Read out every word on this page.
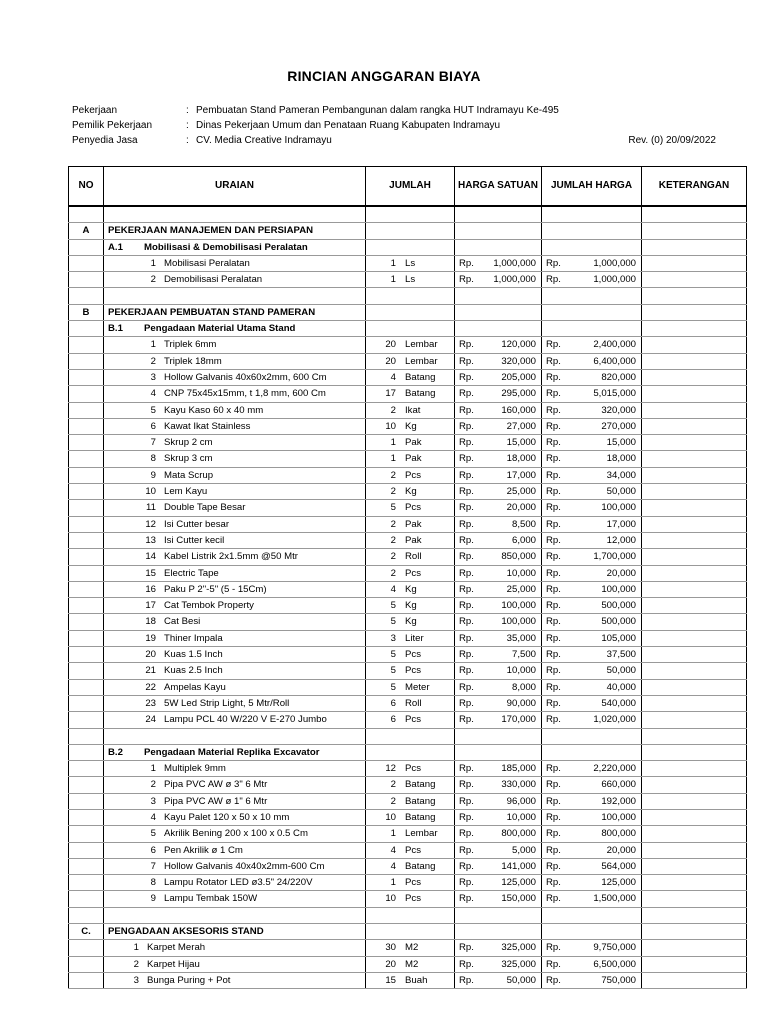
RINCIAN ANGGARAN BIAYA
Pekerjaan	: Pembuatan Stand Pameran Pembangunan dalam rangka HUT Indramayu Ke-495
Pemilik Pekerjaan	: Dinas Pekerjaan Umum dan Penataan Ruang Kabupaten Indramayu
Penyedia Jasa	: CV. Media Creative Indramayu	Rev. (0) 20/09/2022
NO	URAIAN	JUMLAH	HARGA SATUAN	JUMLAH HARGA	KETERANGAN

A	PEKERJAAN MANAJEMEN DAN PERSIAPAN				
	A.1 Mobilisasi & Demobilisasi Peralatan				
	1 Mobilisasi Peralatan	1 Ls	Rp. 1,000,000	Rp. 1,000,000	

	2 Demobilisasi Peralatan	1 Ls	Rp. 1,000,000	Rp. 1,000,000	

B	PEKERJAAN PEMBUATAN STAND PAMERAN				
	B.1 Pengadaan Material Utama Stand				
	1 Triplek 6mm	20 Lembar	Rp. 120,000	Rp. 2,400,000	

	2 Triplek 18mm	20 Lembar	Rp. 320,000	Rp. 6,400,000	

	3 Hollow Galvanis 40x60x2mm, 600 Cm	4 Batang	Rp. 205,000	Rp. 820,000	

	4 CNP 75x45x15mm, t 1,8 mm, 600 Cm	17 Batang	Rp. 295,000	Rp. 5,015,000	

	5 Kayu Kaso 60 x 40 mm	2 Ikat	Rp. 160,000	Rp. 320,000	

	6 Kawat Ikat Stainless	10 Kg	Rp. 27,000	Rp. 270,000	

	7 Skrup 2 cm	1 Pak	Rp. 15,000	Rp. 15,000	

	8 Skrup 3 cm	1 Pak	Rp. 18,000	Rp. 18,000	

	9 Mata Scrup	2 Pcs	Rp. 17,000	Rp. 34,000	

	10 Lem Kayu	2 Kg	Rp. 25,000	Rp. 50,000	

	11 Double Tape Besar	5 Pcs	Rp. 20,000	Rp. 100,000	

	12 Isi Cutter besar	2 Pak	Rp. 8,500	Rp. 17,000	

	13 Isi Cutter kecil	2 Pak	Rp. 6,000	Rp. 12,000	

	14 Kabel Listrik 2x1.5mm @50 Mtr	2 Roll	Rp. 850,000	Rp. 1,700,000	

	15 Electric Tape	2 Pcs	Rp. 10,000	Rp. 20,000	

	16 Paku P 2"-5" (5 - 15Cm)	4 Kg	Rp. 25,000	Rp. 100,000	

	17 Cat Tembok Property	5 Kg	Rp. 100,000	Rp. 500,000	

	18 Cat Besi	5 Kg	Rp. 100,000	Rp. 500,000	

	19 Thiner Impala	3 Liter	Rp. 35,000	Rp. 105,000	

	20 Kuas 1.5 Inch	5 Pcs	Rp. 7,500	Rp. 37,500	

	21 Kuas 2.5 Inch	5 Pcs	Rp. 10,000	Rp. 50,000	

	22 Ampelas Kayu	5 Meter	Rp. 8,000	Rp. 40,000	

	23 5W Led Strip Light, 5 Mtr/Roll	6 Roll	Rp. 90,000	Rp. 540,000	

	24 Lampu PCL 40 W/220 V E-270 Jumbo	6 Pcs	Rp. 170,000	Rp. 1,020,000	

	B.2 Pengadaan Material Replika Excavator				
	1 Multiplek 9mm	12 Pcs	Rp. 185,000	Rp. 2,220,000	

	2 Pipa PVC AW ø 3" 6 Mtr	2 Batang	Rp. 330,000	Rp. 660,000	

	3 Pipa PVC AW ø 1" 6 Mtr	2 Batang	Rp. 96,000	Rp. 192,000	

	4 Kayu Palet 120 x 50 x 10 mm	10 Batang	Rp. 10,000	Rp. 100,000	

	5 Akrilik Bening 200 x 100 x 0.5 Cm	1 Lembar	Rp. 800,000	Rp. 800,000	

	6 Pen Akrilik ø 1 Cm	4 Pcs	Rp. 5,000	Rp. 20,000	

	7 Hollow Galvanis 40x40x2mm-600 Cm	4 Batang	Rp. 141,000	Rp. 564,000	

	8 Lampu Rotator LED ø3.5" 24/220V	1 Pcs	Rp. 125,000	Rp. 125,000	

	9 Lampu Tembak 150W	10 Pcs	Rp. 150,000	Rp. 1,500,000	

C.	PENGADAAN AKSESORIS STAND				
	1 Karpet Merah	30 M2	Rp. 325,000	Rp. 9,750,000	

	2 Karpet Hijau	20 M2	Rp. 325,000	Rp. 6,500,000	

	3 Bunga Puring + Pot	15 Buah	Rp. 50,000	Rp. 750,000	
